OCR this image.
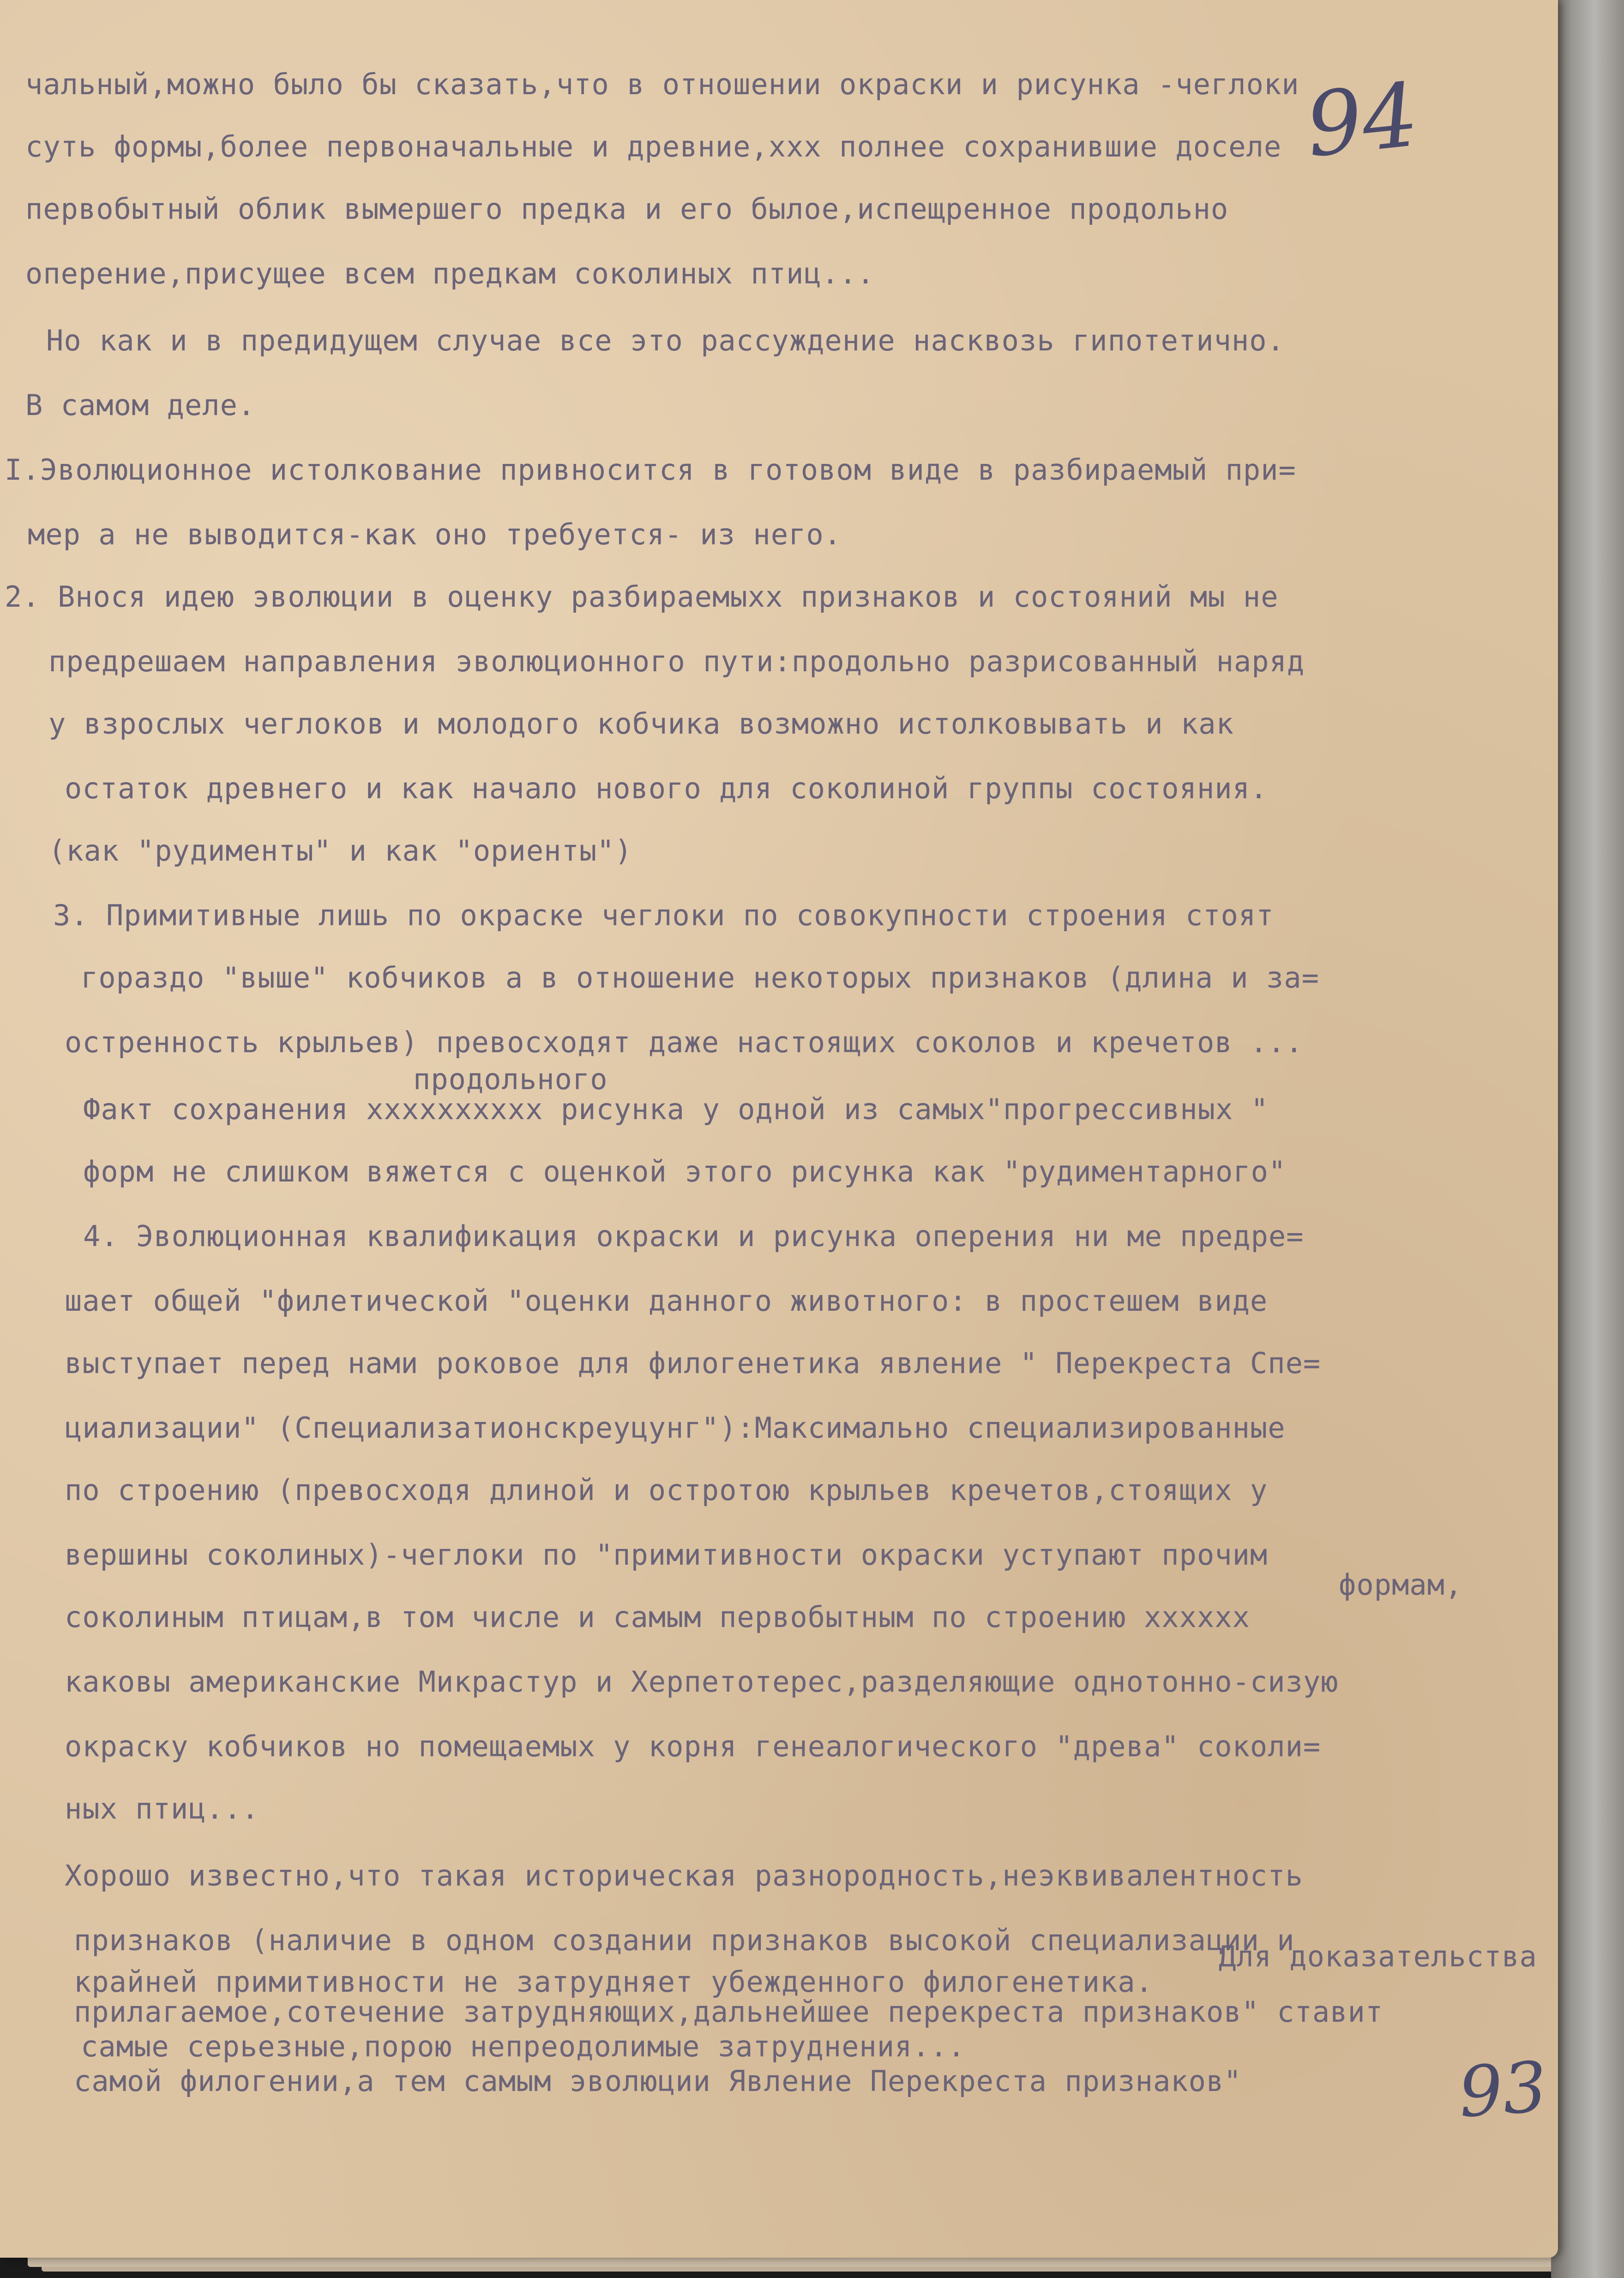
чальный,можно было бы сказать,что в отношении окраски и рисунка -чеглоки
суть формы,более первоначальные и древние,ххх полнее сохранившие доселе
первобытный облик вымершего предка и его былое,испещренное продольно
оперение,присущее всем предкам соколиных птиц...
Но как и в предидущем случае все это рассуждение насквозь гипотетично.
В самом деле.
I.Эволюционное истолкование привносится в готовом виде в разбираемый при=
мер а не выводится-как оно требуется- из него.
2. Внося идею эволюции в оценку разбираемыхх признаков и состояний мы не
предрешаем направления эволюционного пути:продольно разрисованный наряд
у взрослых чеглоков и молодого кобчика возможно истолковывать и как
остаток древнего и как начало нового для соколиной группы состояния.
(как "рудименты" и как "ориенты")
3. Примитивные лишь по окраске чеглоки по совокупности строения стоят
гораздо "выше" кобчиков а в отношение некоторых признаков (длина и за=
остренность крыльев) превосходят даже настоящих соколов и кречетов ...
продольного
Факт сохранения хххххххххх рисунка у одной из самых"прогрессивных "
форм не слишком вяжется с оценкой этого рисунка как "рудиментарного"
4. Эволюционная квалификация окраски и рисунка оперения ни ме предре=
шает общей "филетической "оценки данного животного: в простешем виде
выступает перед нами роковое для филогенетика явление " Перекреста Спе=
циализации" (Специализатионскреуцунг"):Максимально специализированные
по строению (превосходя длиной и остротою крыльев кречетов,стоящих у
вершины соколиных)-чеглоки по "примитивности окраски уступают прочим
формам,
соколиным птицам,в том числе и самым первобытным по строению хххххх
каковы американские Микрастур и Херпетотерес,разделяющие однотонно-сизую
окраску кобчиков но помещаемых у корня генеалогического "древа" соколи=
ных птиц...
Хорошо известно,что такая историческая разнородность,неэквивалентность
признаков (наличие в одном создании признаков высокой специализации и
крайней примитивности не затрудняет убежденного филогенетика.
Для доказательства
прилагаемое,сотечение затрудняющих,дальнейшее перекреста признаков" ставит
самые серьезные,порою непреодолимые затруднения...
самой филогении,а тем самым эволюции Явление Перекреста признаков"
94
93
